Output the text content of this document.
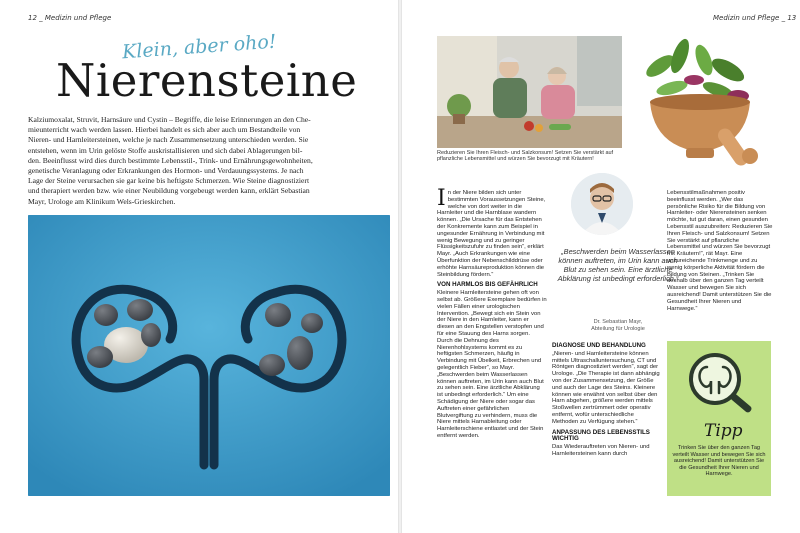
12 _ Medizin und Pflege
Klein, aber oho!
Nierensteine
Kalziumoxalat, Struvit, Harnsäure und Cystin – Begriffe, die leise Erinnerungen an den Che-
mieunterricht wach werden lassen. Hierbei handelt es sich aber auch um Bestandteile von
Nieren- und Harnleitersteinen, welche je nach Zusammensetzung unterschieden werden. Sie
entstehen, wenn im Urin gelöste Stoffe auskristallisieren und sich dabei Ablagerungen bil-
den. Beeinflusst wird dies durch bestimmte Lebensstil-, Trink- und Ernährungsgewohnheiten,
genetische Veranlagung oder Erkrankungen des Hormon- und Verdauungssystems. Je nach
Lage der Steine verursachen sie gar keine bis heftigste Schmerzen. Wie Steine diagnostiziert
und therapiert werden bzw. wie einer Neubildung vorgebeugt werden kann, erklärt Sebastian
Mayr, Urologe am Klinikum Wels-Grieskirchen.
Medizin und Pflege _ 13
Reduzieren Sie Ihren Fleisch- und Salzkonsum! Setzen Sie verstärkt auf
pflanzliche Lebensmittel und würzen Sie bevorzugt mit Kräutern!

I n der Niere bilden sich unter bestimmten Voraussetzungen Steine, welche von dort weiter in die Harnleiter und die Harnblase wandern können. „Die Ursache für das Entstehen der Konkremente kann zum Beispiel in ungesunder Ernährung in Verbindung mit wenig Bewegung und zu geringer Flüssigkeitszufuhr zu finden sein“, erklärt Mayr. „Auch Erkrankungen wie eine Überfunktion der Nebenschilddrüse oder erhöhte Harnsäureproduktion können die Steinbildung fördern.“

VON HARMLOS BIS GEFÄHRLICH

Kleinere Harnleitersteine gehen oft von selbst ab. Größere Exemplare bedürfen in vielen Fällen einer urologischen Intervention. „Bewegt sich ein Stein von der Niere in den Harnleiter, kann er diesen an den Engstellen verstopfen und für eine Stauung des Harns sorgen. Durch die Dehnung des Nierenhohlsystems kommt es zu heftigsten Schmerzen, häufig in Verbindung mit Übelkeit, Erbrechen und gelegentlich Fieber“, so Mayr. „Beschwerden beim Wasserlassen können auftreten, im Urin kann auch Blut zu sehen sein. Eine ärztliche Abklärung ist unbedingt erforderlich.“ Um eine Schädigung der Niere oder sogar das Auftreten einer gefährlichen Blutvergiftung zu verhindern, muss die Niere mittels Harnableitung oder Harnleiterschiene entlastet und der Stein entfernt werden.

„Beschwerden beim Wasserlassen können auftreten, im Urin kann auch Blut zu sehen sein. Eine ärztliche Abklärung ist unbedingt erforderlich.“
Dr. Sebastian Mayr,
Abteilung für Urologie
DIAGNOSE UND BEHANDLUNG

„Nieren- und Harnleitersteine können mittels Ultraschalluntersuchung, CT und Röntgen diagnostiziert werden“, sagt der Urologe. „Die Therapie ist dann abhängig von der Zusammensetzung, der Größe und auch der Lage des Steins. Kleinere können wie erwähnt von selbst über den Harn abgehen, größere werden mittels Stoßwellen zertrümmert oder operativ entfernt, wofür unterschiedliche Methoden zu Verfügung stehen.“

ANPASSUNG DES LEBENSSTILS WICHTIG

Das Wiederauftreten von Nieren- und Harnleitersteinen kann durch

Lebensstilmaßnahmen positiv beeinflusst werden. „Wer das persönliche Risiko für die Bildung von Harnleiter- oder Nierensteinen senken möchte, tut gut daran, einen gesunden Lebensstil auszubreiten: Reduzieren Sie Ihren Fleisch- und Salzkonsum! Setzen Sie verstärkt auf pflanzliche Lebensmittel und würzen Sie bevorzugt mit Kräutern!“, rät Mayr. Eine unzureichende Trinkmenge und zu wenig körperliche Aktivität fördern die Bildung von Steinen. „Trinken Sie deshalb über den ganzen Tag verteilt Wasser und bewegen Sie sich ausreichend! Damit unterstützen Sie die Gesundheit Ihrer Nieren und Harnwege.“

Tipp
Trinken Sie über den ganzen Tag verteilt Wasser und bewegen Sie sich ausreichend! Damit unterstützen Sie die Gesundheit Ihrer Nieren und Harnwege.
